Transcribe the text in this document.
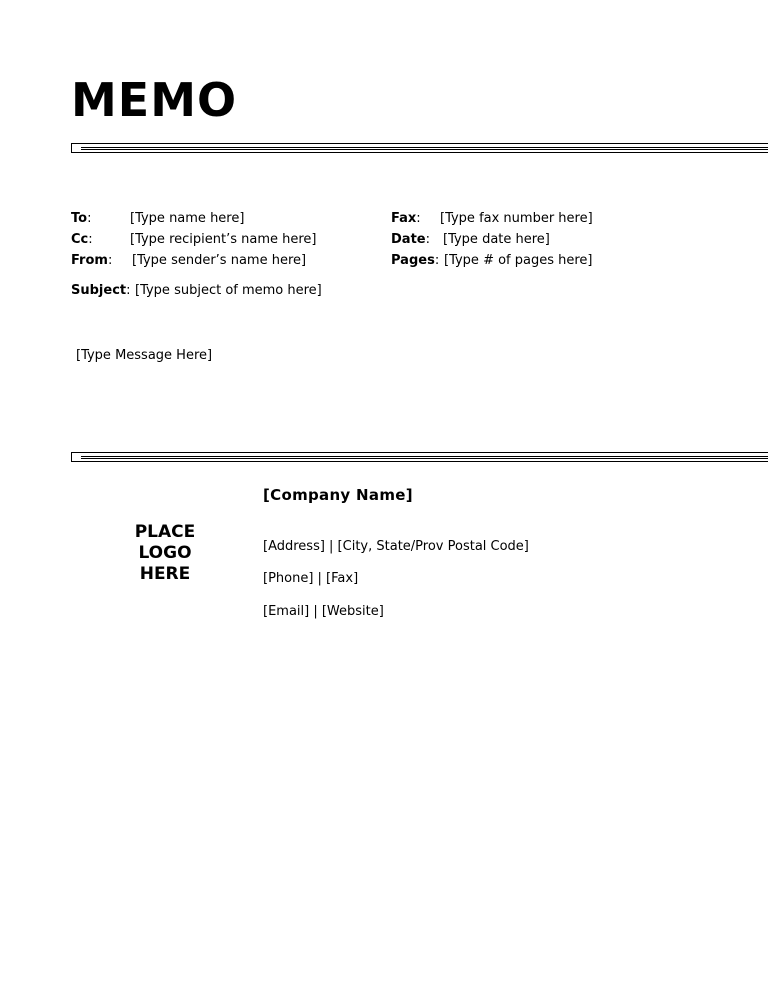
MEMO
To:	[Type name here]
Cc:	[Type recipient’s name here]
From: [Type sender’s name here]
Fax: [Type fax number here]
Date: [Type date here]
Pages: [Type # of pages here]
Subject: [Type subject of memo here]
[Type Message Here]
PLACE
LOGO
HERE
[Company Name]
[Address] | [City, State/Prov Postal Code]
[Phone] | [Fax]
[Email] | [Website]
